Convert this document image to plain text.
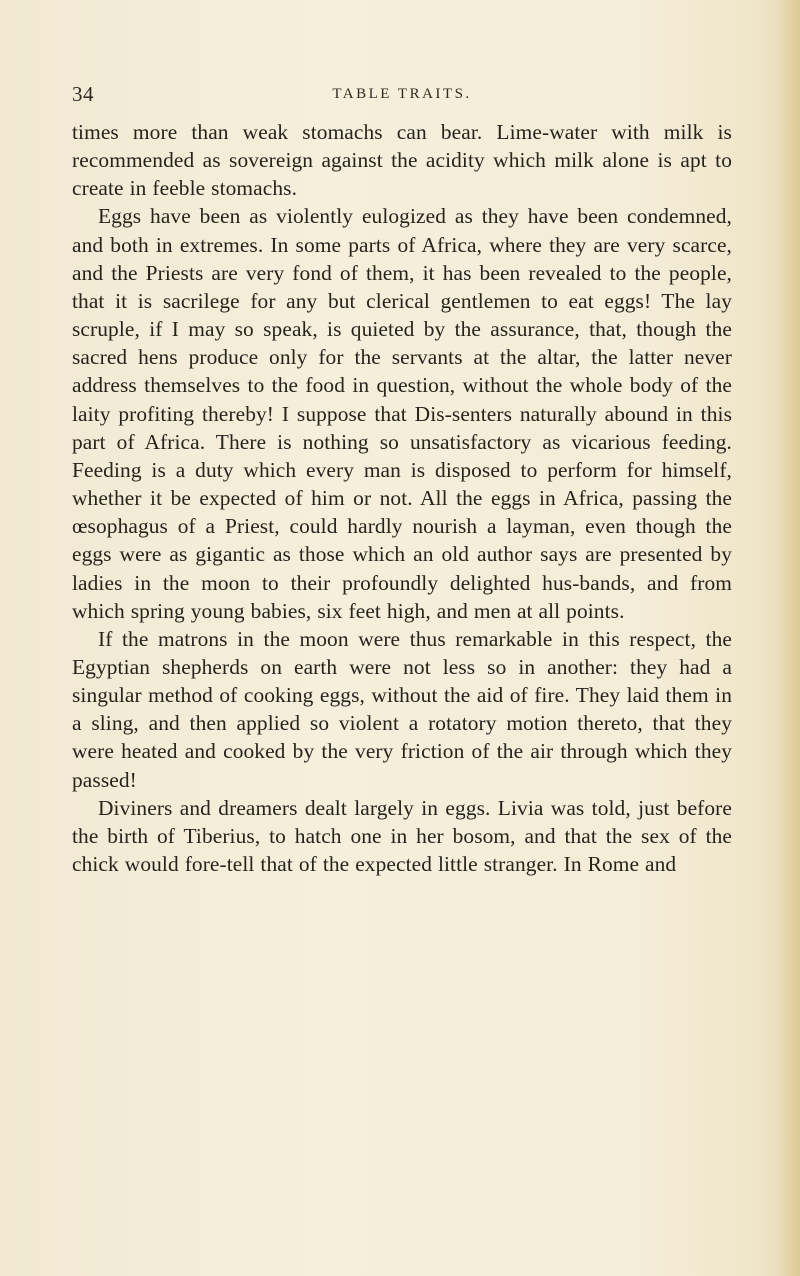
34	TABLE TRAITS.

times more than weak stomachs can bear. Lime-water with milk is recommended as sovereign against the acidity which milk alone is apt to create in feeble stomachs.

Eggs have been as violently eulogized as they have been condemned, and both in extremes. In some parts of Africa, where they are very scarce, and the Priests are very fond of them, it has been revealed to the people, that it is sacrilege for any but clerical gentlemen to eat eggs! The lay scruple, if I may so speak, is quieted by the assurance, that, though the sacred hens produce only for the servants at the altar, the latter never address themselves to the food in question, without the whole body of the laity profiting thereby! I suppose that Dis-senters naturally abound in this part of Africa. There is nothing so unsatisfactory as vicarious feeding. Feeding is a duty which every man is disposed to perform for himself, whether it be expected of him or not. All the eggs in Africa, passing the œsophagus of a Priest, could hardly nourish a layman, even though the eggs were as gigantic as those which an old author says are presented by ladies in the moon to their profoundly delighted hus-bands, and from which spring young babies, six feet high, and men at all points.

If the matrons in the moon were thus remarkable in this respect, the Egyptian shepherds on earth were not less so in another: they had a singular method of cooking eggs, without the aid of fire. They laid them in a sling, and then applied so violent a rotatory motion thereto, that they were heated and cooked by the very friction of the air through which they passed!

Diviners and dreamers dealt largely in eggs. Livia was told, just before the birth of Tiberius, to hatch one in her bosom, and that the sex of the chick would fore-tell that of the expected little stranger. In Rome and
